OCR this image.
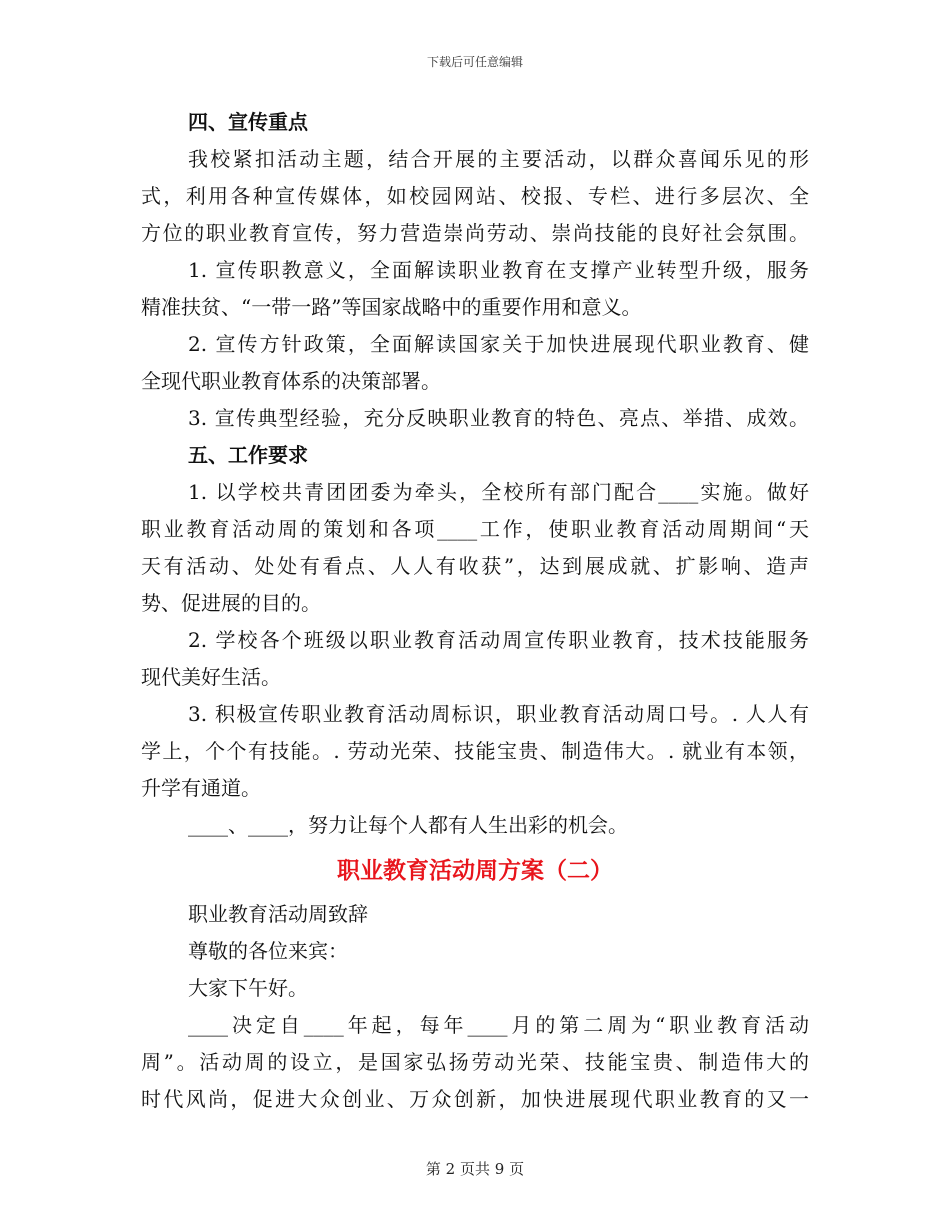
下载后可任意编辑
四、宣传重点
我校紧扣活动主题，结合开展的主要活动，以群众喜闻乐见的形
式，利用各种宣传媒体，如校园网站、校报、专栏、进行多层次、全
方位的职业教育宣传，努力营造崇尚劳动、崇尚技能的良好社会氛围。
1. 宣传职教意义，全面解读职业教育在支撑产业转型升级，服务
精准扶贫、“一带一路”等国家战略中的重要作用和意义。
2. 宣传方针政策，全面解读国家关于加快进展现代职业教育、健
全现代职业教育体系的决策部署。
3. 宣传典型经验，充分反映职业教育的特色、亮点、举措、成效。
五、工作要求
1. 以学校共青团团委为牵头，全校所有部门配合____实施。做好
职业教育活动周的策划和各项____工作，使职业教育活动周期间“天
天有活动、处处有看点、人人有收获”，达到展成就、扩影响、造声
势、促进展的目的。
2. 学校各个班级以职业教育活动周宣传职业教育，技术技能服务
现代美好生活。
3. 积极宣传职业教育活动周标识，职业教育活动周口号。. 人人有
学上，个个有技能。. 劳动光荣、技能宝贵、制造伟大。. 就业有本领，
升学有通道。
____、____，努力让每个人都有人生出彩的机会。
职业教育活动周方案（二）
职业教育活动周致辞
尊敬的各位来宾：
大家下午好。
____决定自____年起，每年____月的第二周为“职业教育活动
周”。活动周的设立，是国家弘扬劳动光荣、技能宝贵、制造伟大的
时代风尚，促进大众创业、万众创新，加快进展现代职业教育的又一
第 2 页共 9 页
